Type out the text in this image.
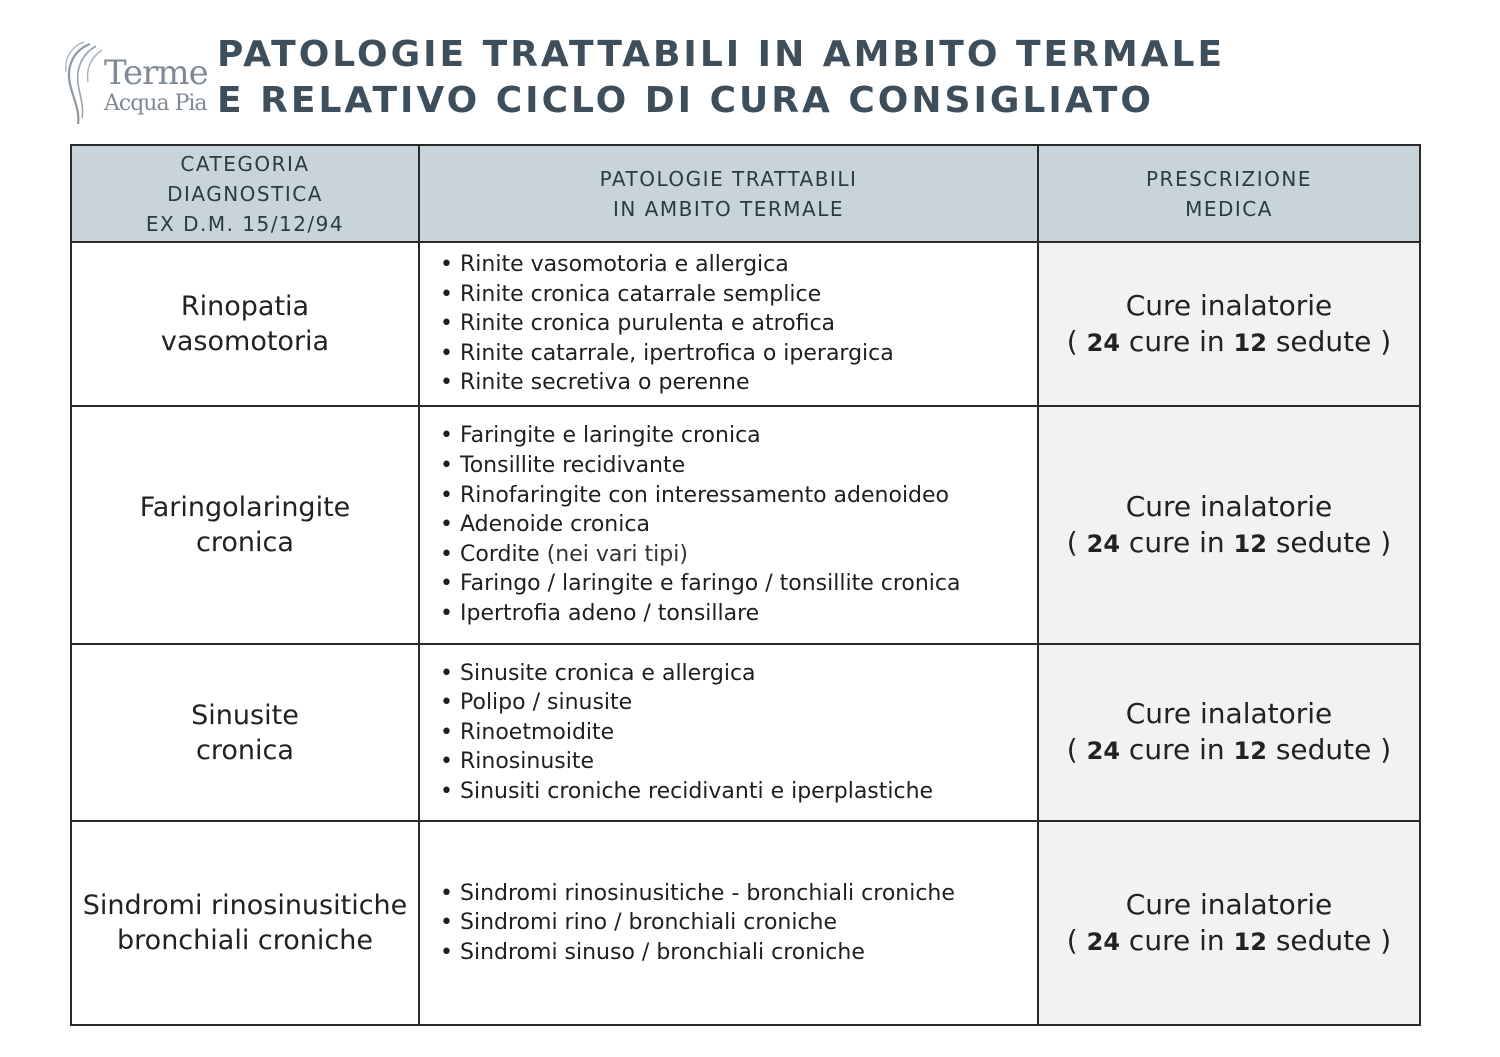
Terme
Acqua Pia
PATOLOGIE TRATTABILI IN AMBITO TERMALE
E RELATIVO CICLO DI CURA CONSIGLIATO
CATEGORIA
DIAGNOSTICA
EX D.M. 15/12/94
PATOLOGIE TRATTABILI
IN AMBITO TERMALE
PRESCRIZIONE
MEDICA
Rinopatia
vasomotoria
• Rinite vasomotoria e allergica
• Rinite cronica catarrale semplice
• Rinite cronica purulenta e atrofica
• Rinite catarrale, ipertrofica o iperargica
• Rinite secretiva o perenne
Cure inalatorie
( 24 cure in 12 sedute )
Faringolaringite
cronica
• Faringite e laringite cronica
• Tonsillite recidivante
• Rinofaringite con interessamento adenoideo
• Adenoide cronica
• Cordite (nei vari tipi)
• Faringo / laringite e faringo / tonsillite cronica
• Ipertrofia adeno / tonsillare
Cure inalatorie
( 24 cure in 12 sedute )
Sinusite
cronica
• Sinusite cronica e allergica
• Polipo / sinusite
• Rinoetmoidite
• Rinosinusite
• Sinusiti croniche recidivanti e iperplastiche
Cure inalatorie
( 24 cure in 12 sedute )
Sindromi rinosinusitiche
bronchiali croniche
• Sindromi rinosinusitiche - bronchiali croniche
• Sindromi rino / bronchiali croniche
• Sindromi sinuso / bronchiali croniche
Cure inalatorie
( 24 cure in 12 sedute )
